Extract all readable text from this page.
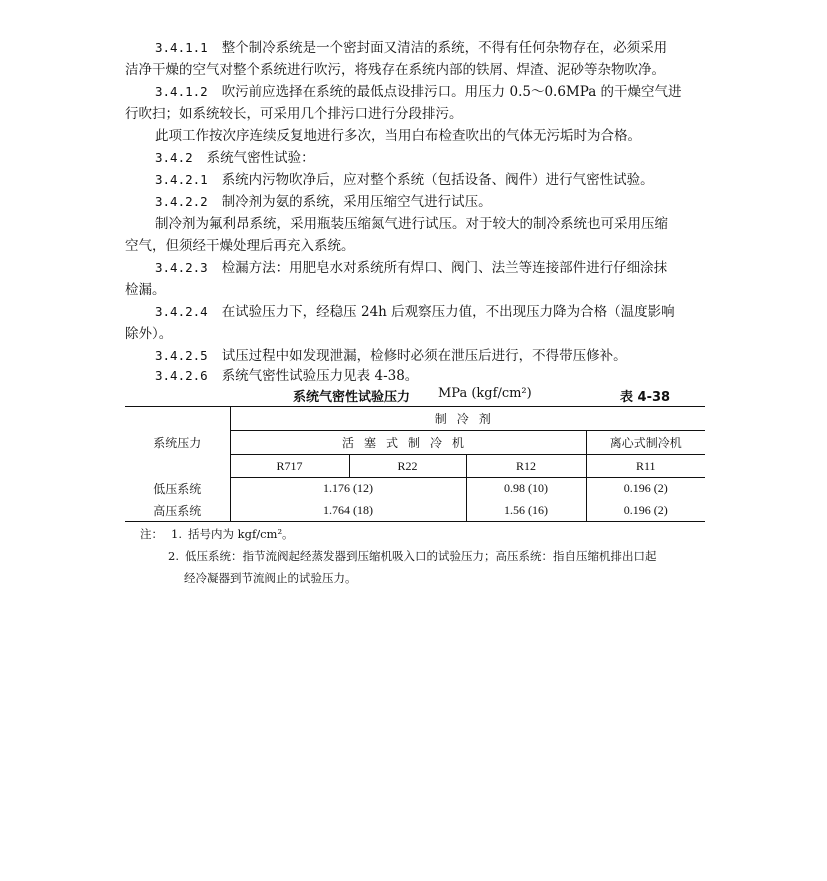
3.4.1.1 整个制冷系统是一个密封面又清洁的系统，不得有任何杂物存在，必须采用
洁净干燥的空气对整个系统进行吹污，将残存在系统内部的铁屑、焊渣、泥砂等杂物吹净。
3.4.1.2 吹污前应选择在系统的最低点设排污口。用压力 0.5～0.6MPa 的干燥空气进
行吹扫；如系统较长，可采用几个排污口进行分段排污。
此项工作按次序连续反复地进行多次，当用白布检查吹出的气体无污垢时为合格。
3.4.2 系统气密性试验：
3.4.2.1 系统内污物吹净后，应对整个系统（包括设备、阀件）进行气密性试验。
3.4.2.2 制冷剂为氨的系统，采用压缩空气进行试压。
制冷剂为氟利昂系统，采用瓶装压缩氮气进行试压。对于较大的制冷系统也可采用压缩
空气，但须经干燥处理后再充入系统。
3.4.2.3 检漏方法：用肥皂水对系统所有焊口、阀门、法兰等连接部件进行仔细涂抹
检漏。
3.4.2.4 在试验压力下，经稳压 24h 后观察压力值，不出现压力降为合格（温度影响
除外）。
3.4.2.5 试压过程中如发现泄漏，检修时必须在泄压后进行，不得带压修补。
3.4.2.6 系统气密性试验压力见表 4-38。
系统气密性试验压力 MPa (kgf/cm²)	表 4-38
系统压力	制冷剂			
	活塞式制冷机			离心式制冷机
	R717	R22	R12	R11
低压系统	1.176 (12)		0.98 (10)	0.196 (2)
高压系统	1.764 (18)		1.56 (16)	0.196 (2)
注： 1. 括号内为 kgf/cm²。
2. 低压系统：指节流阀起经蒸发器到压缩机吸入口的试验压力；高压系统：指自压缩机排出口起
经冷凝器到节流阀止的试验压力。
